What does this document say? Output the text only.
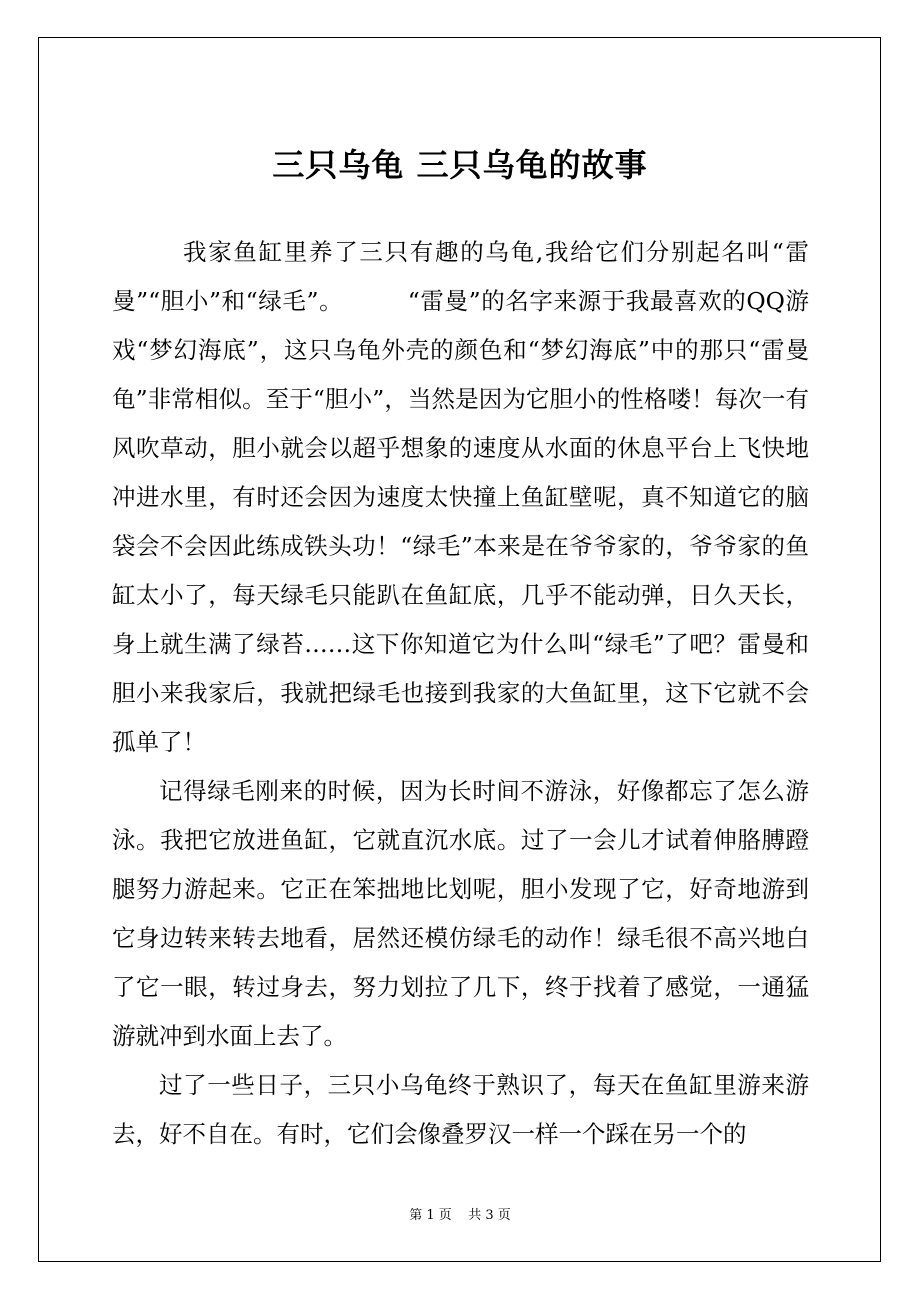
三只乌龟 三只乌龟的故事

我家鱼缸里养了三只有趣的乌龟,我给它们分别起名叫“雷曼”“胆小”和“绿毛”。        “雷曼”的名字来源于我最喜欢的QQ游戏“梦幻海底”，这只乌龟外壳的颜色和“梦幻海底”中的那只“雷曼龟”非常相似。至于“胆小”，当然是因为它胆小的性格喽！每次一有风吹草动，胆小就会以超乎想象的速度从水面的休息平台上飞快地冲进水里，有时还会因为速度太快撞上鱼缸壁呢，真不知道它的脑袋会不会因此练成铁头功！“绿毛”本来是在爷爷家的，爷爷家的鱼缸太小了，每天绿毛只能趴在鱼缸底，几乎不能动弹，日久天长，身上就生满了绿苔……这下你知道它为什么叫“绿毛”了吧？雷曼和胆小来我家后，我就把绿毛也接到我家的大鱼缸里，这下它就不会孤单了！

记得绿毛刚来的时候，因为长时间不游泳，好像都忘了怎么游泳。我把它放进鱼缸，它就直沉水底。过了一会儿才试着伸胳膊蹬腿努力游起来。它正在笨拙地比划呢，胆小发现了它，好奇地游到它身边转来转去地看，居然还模仿绿毛的动作！绿毛很不高兴地白了它一眼，转过身去，努力划拉了几下，终于找着了感觉，一通猛游就冲到水面上去了。

过了一些日子，三只小乌龟终于熟识了，每天在鱼缸里游来游去，好不自在。有时，它们会像叠罗汉一样一个踩在另一个的

第 1 页    共 3 页
